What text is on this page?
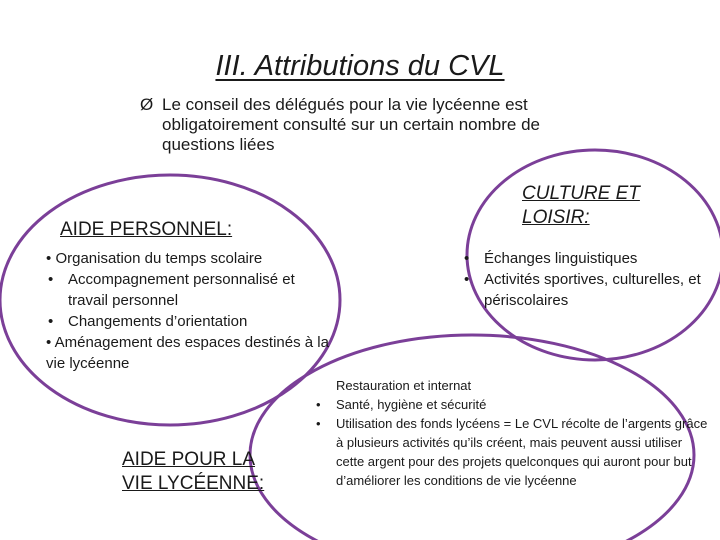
III. Attributions du CVL
Ø Le conseil des délégués pour la vie lycéenne est obligatoirement consulté sur un certain nombre de questions liées
AIDE PERSONNEL:
• Organisation du temps scolaire
• Accompagnement personnalisé et travail personnel
• Changements d’orientation
• Aménagement des espaces destinés à la vie lycéenne
CULTURE ET
LOISIR:
• Échanges linguistiques
• Activités sportives, culturelles, et périscolaires
AIDE POUR LA
VIE LYCÉENNE:
Restauration et internat
• Santé, hygiène et sécurité
• Utilisation des fonds lycéens = Le CVL récolte de l’argents grâce à plusieurs activités qu’ils créent, mais peuvent aussi utiliser cette argent pour des projets quelconques qui auront pour but d’améliorer les conditions de vie lycéenne
